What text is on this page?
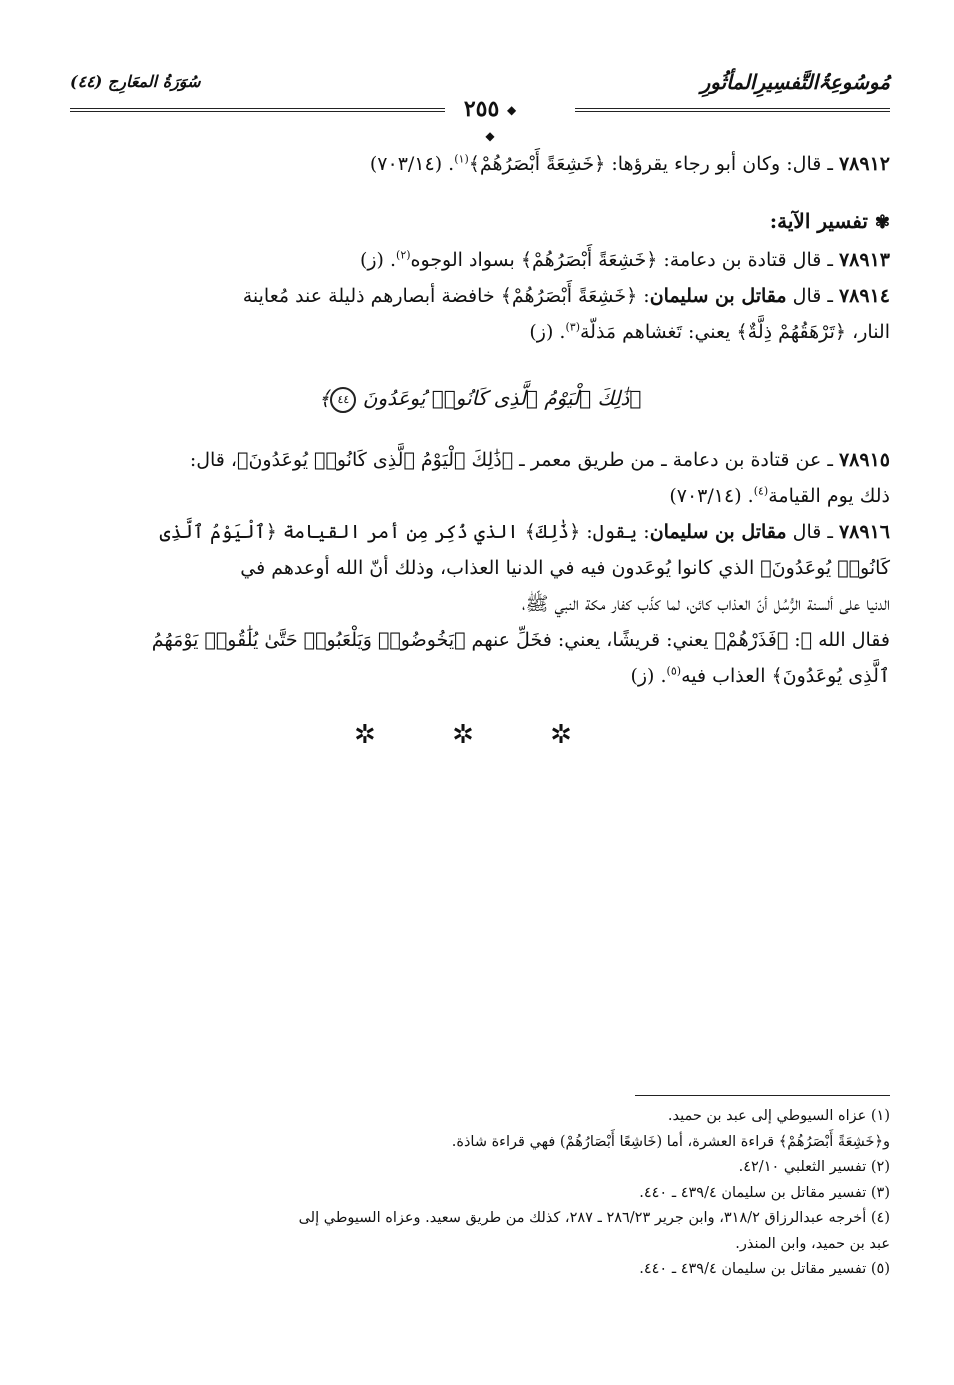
مُوسُوعِۃُالتَّفسِيرِالمأثُورِ
سُوَرَةُ المعَارِج (٤٤)
◆ ٢٥٥ ◆

٧٨٩١٢ ـ قال: وكان أبو رجاء يقرؤها: ﴿خَشِعَةً أَبْصَرُهُمْ﴾$^{(١)}$. (٧٠٣/١٤)

✾ تفسير الآية:

٧٨٩١٣ ـ قال قتادة بن دعامة: ﴿خَشِعَةً أَبْصَرُهُمْ﴾ بسواد الوجوه$^{(٢)}$. (ز)

٧٨٩١٤ ـ قال مقاتل بن سليمان: ﴿خَشِعَةً أَبْصَرُهُمْ﴾ خافضة أبصارهم ذليلة عند مُعاينة

النار، ﴿تَرْهَقُهُمْ ذِلَّةٌ﴾ يعني: تَغشاهم مَذلّة$^{(٣)}$. (ز)

﴿ذَٰلِكَ ٱلْيَوْمُ ٱلَّذِى كَانُوا۟ يُوعَدُونَ ٤٤﴾

٧٨٩١٥ ـ عن قتادة بن دعامة ـ من طريق معمر ـ ﴿ذَٰلِكَ ٱلْيَوْمُ ٱلَّذِى كَانُوا۟ يُوعَدُونَ﴾، قال:

ذلك يوم القيامة$^{(٤)}$. (٧٠٣/١٤)

٧٨٩١٦ ـ قال مقاتل بن سليمان: يقول: ﴿ذَٰلِكَ﴾ الذي ذُكِر مِن أمر القيامة ﴿ٱلْيَوْمُ ٱلَّذِى

كَانُوا۟ يُوعَدُونَ﴾ الذي كانوا يُوعَدون فيه في الدنيا العذاب، وذلك أنّ الله أوعدهم في

الدنيا على ألسنة الرُّسُل أنّ العذاب كائن، لما كذّب كفار مكة النبي ﷺ،

فقال الله ﷻ: ﴿فَذَرْهُمْ﴾ يعني: قريشًا، يعني: فخَلِّ عنهم ﴿يَخُوضُوا۟ وَيَلْعَبُوا۟ حَتَّىٰ يُلَٰقُوا۟ يَوْمَهُمُ

ٱلَّذِى يُوعَدُونَ﴾ العذاب فيه$^{(٥)}$. (ز)

✲ ✲ ✲

(١) عزاه السيوطي إلى عبد بن حميد.

و﴿خَشِعَةً أَبْصَرُهُمْ﴾ قراءة العشرة، أما (خَاشِعًا أَبْصَارُهُمْ) فهي قراءة شاذة.

(٢) تفسير الثعلبي ٤٢/١٠.

(٣) تفسير مقاتل بن سليمان ٤٣٩/٤ ـ ٤٤٠.

(٤) أخرجه عبدالرزاق ٣١٨/٢، وابن جرير ٢٨٦/٢٣ ـ ٢٨٧، كذلك من طريق سعيد. وعزاه السيوطي إلى

عبد بن حميد، وابن المنذر.

(٥) تفسير مقاتل بن سليمان ٤٣٩/٤ ـ ٤٤٠.
